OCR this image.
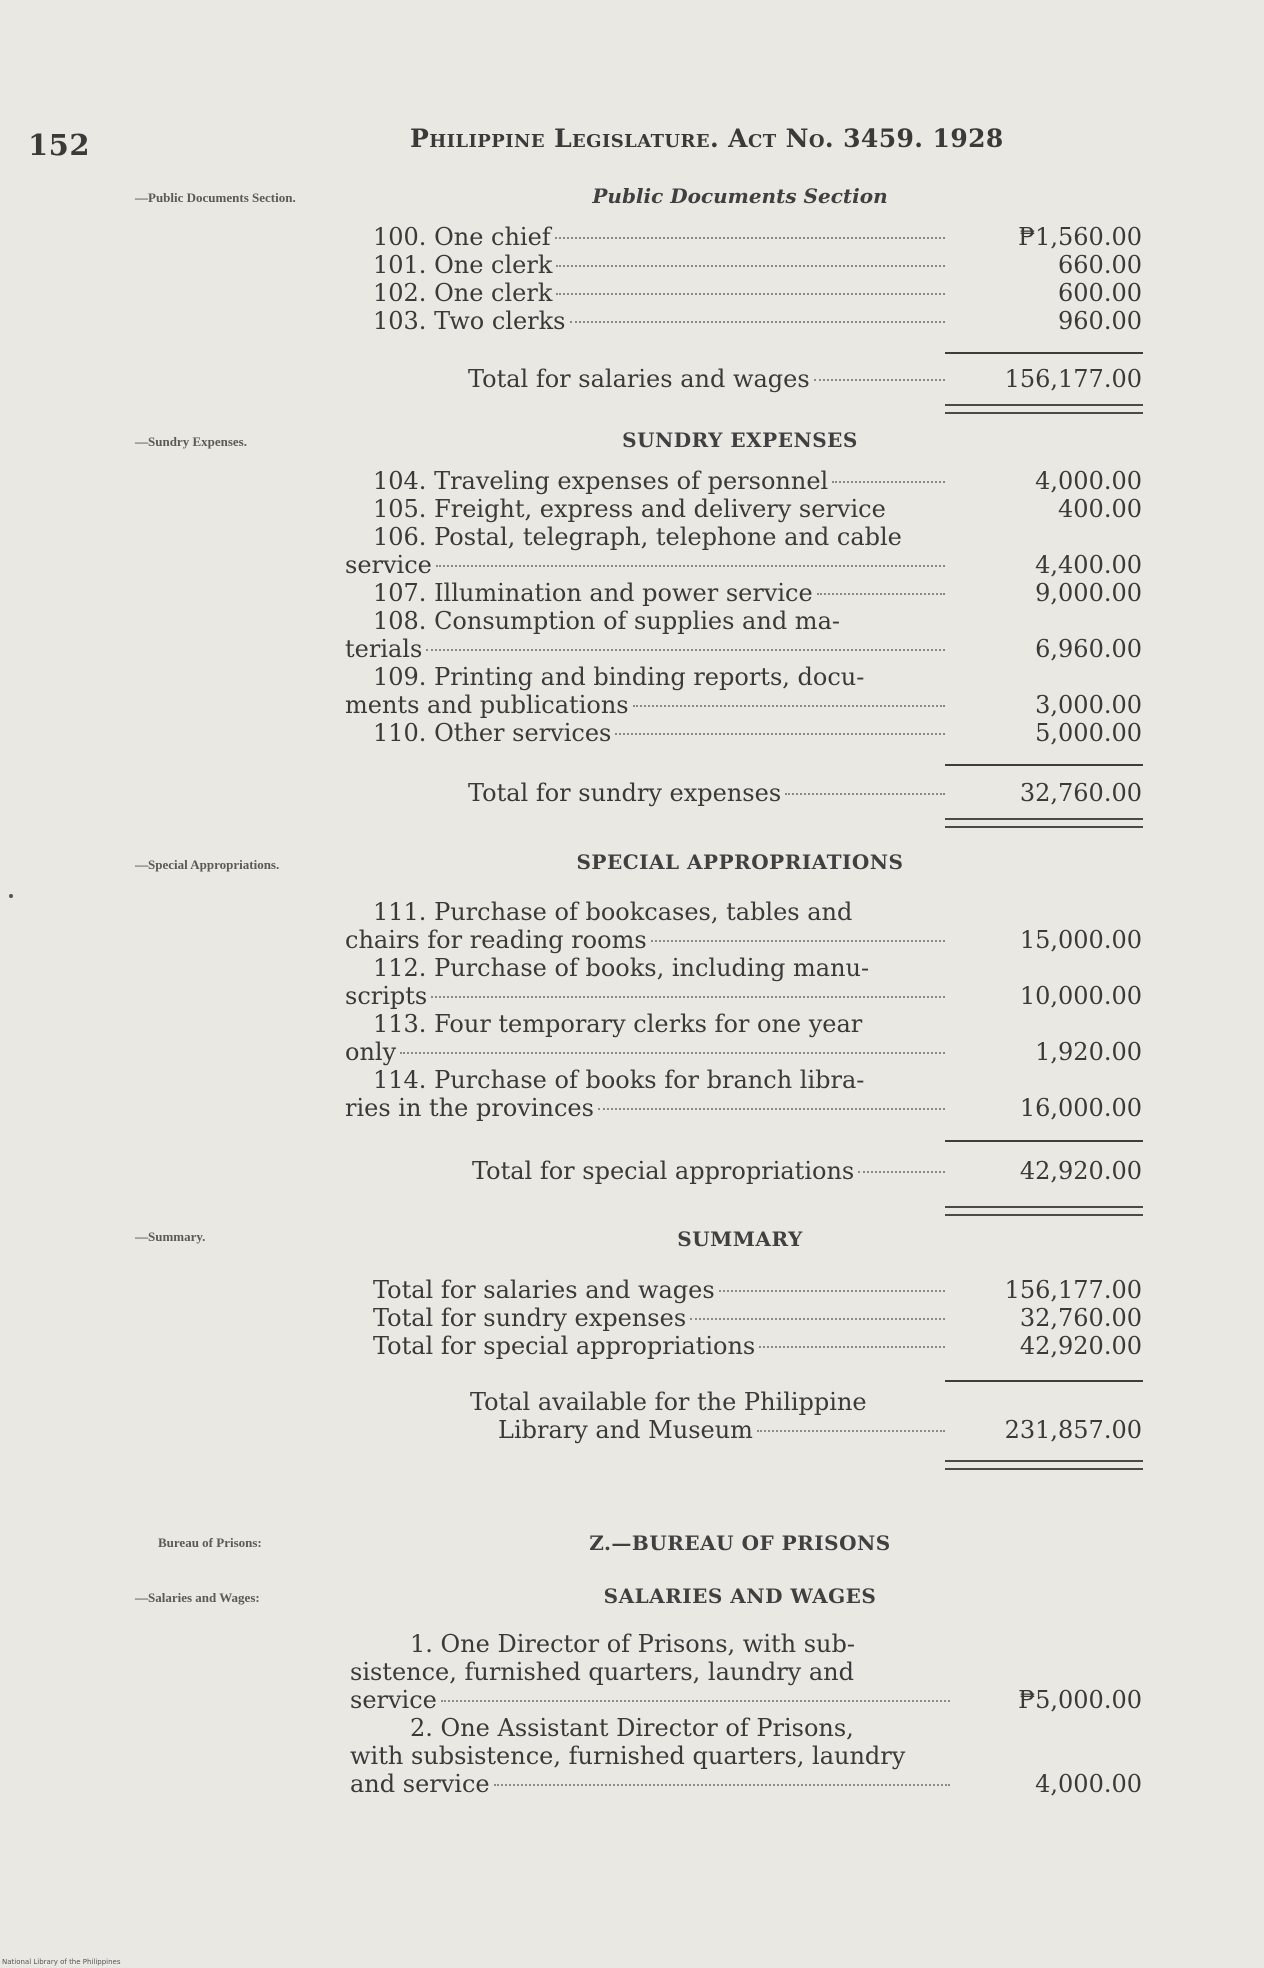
152	Philippine Legislature. Act No. 3459. 1928
—Public Documents Section.	Public Documents Section
100. One chief	₱1,560.00
101. One clerk	660.00
102. One clerk	600.00
103. Two clerks	960.00
Total for salaries and wages	156,177.00
—Sundry Expenses.	SUNDRY EXPENSES
104. Traveling expenses of personnel	4,000.00
105. Freight, express and delivery service	400.00
106. Postal, telegraph, telephone and cable
service	4,400.00
107. Illumination and power service	9,000.00
108. Consumption of supplies and ma-
terials	6,960.00
109. Printing and binding reports, docu-
ments and publications	3,000.00
110. Other services	5,000.00
Total for sundry expenses	32,760.00
—Special Appropriations.	SPECIAL APPROPRIATIONS
111. Purchase of bookcases, tables and
chairs for reading rooms	15,000.00
112. Purchase of books, including manu-
scripts	10,000.00
113. Four temporary clerks for one year
only	1,920.00
114. Purchase of books for branch libra-
ries in the provinces	16,000.00
Total for special appropriations	42,920.00
—Summary.	SUMMARY
Total for salaries and wages	156,177.00
Total for sundry expenses	32,760.00
Total for special appropriations	42,920.00
Total available for the Philippine
Library and Museum	231,857.00
Bureau of Prisons:	Z.—BUREAU OF PRISONS
—Salaries and Wages:	SALARIES AND WAGES
1. One Director of Prisons, with sub-
sistence, furnished quarters, laundry and
service	₱5,000.00
2. One Assistant Director of Prisons,
with subsistence, furnished quarters, laundry
and service	4,000.00
National Library of the Philippines
